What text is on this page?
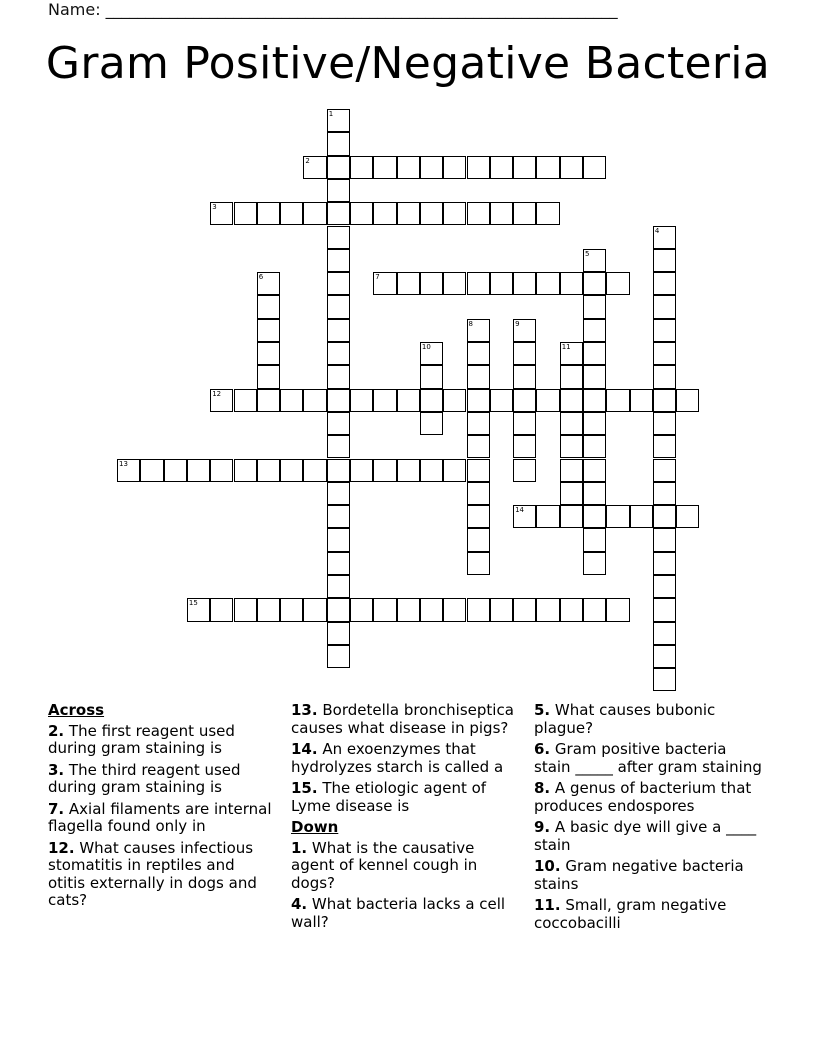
Name: ________________________________________________________________
Gram Positive/Negative Bacteria
1
2
3
4
5
6	7
8	9
10	11
12
13
14
15
Across
2. The first reagent used during gram staining is
3. The third reagent used during gram staining is
7. Axial filaments are internal flagella found only in
12. What causes infectious stomatitis in reptiles and otitis externally in dogs and cats?
13. Bordetella bronchiseptica causes what disease in pigs?
14. An exoenzymes that hydrolyzes starch is called a
15. The etiologic agent of Lyme disease is
Down
1. What is the causative agent of kennel cough in dogs?
4. What bacteria lacks a cell wall?
5. What causes bubonic plague?
6. Gram positive bacteria stain _____ after gram staining
8. A genus of bacterium that produces endospores
9. A basic dye will give a ____ stain
10. Gram negative bacteria stains
11. Small, gram negative coccobacilli
